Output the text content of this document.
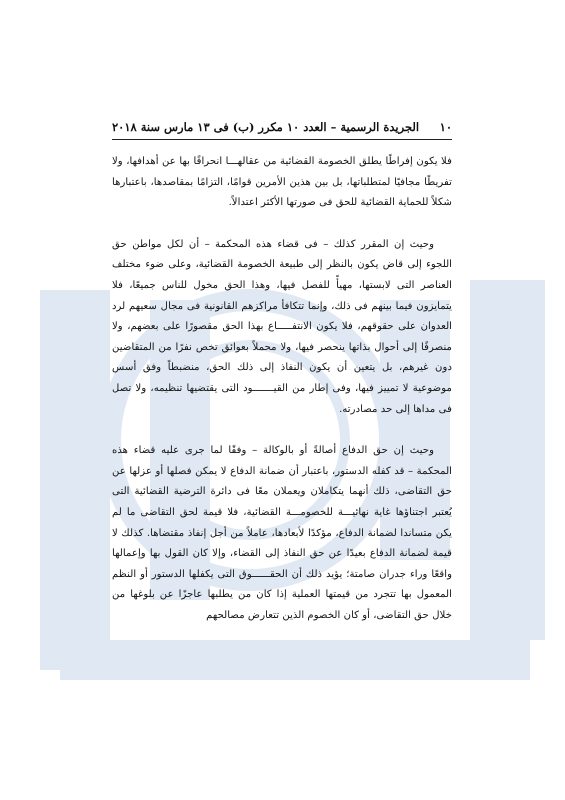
١٠
الجريدة الرسمية – العدد ١٠ مكرر (ب) فى ١٣ مارس سنة ٢٠١٨

فلا يكون إفراطًا يطلق الخصومة القضائية من عقالهـــا انحرافًا بها عن أهدافها، ولا تفريطًا مجافيًا لمتطلباتها، بل بين هذين الأمرين قوامًا، التزامًا بمقاصدها، باعتبارها شكلاً للحماية القضائية للحق فى صورتها الأكثر اعتدالاً.

وحيث إن المقرر كذلك – فى قضاء هذه المحكمة – أن لكل مواطن حق اللجوء إلى قاض يكون بالنظر إلى طبيعة الخصومة القضائية، وعلى ضوء مختلف العناصر التى لابستها، مهيأً للفصل فيها، وهذا الحق مخول للناس جميعًا، فلا يتمايزون فيما بينهم فى ذلك، وإنما تتكافأ مراكزهم القانونية فى مجال سعيهم لرد العدوان على حقوقهم، فلا يكون الانتفـــــاع بهذا الحق مقصورًا على بعضهم، ولا منصرفًا إلى أحوال بذاتها ينحصر فيها، ولا محملاً بعوائق تخص نفرًا من المتقاضين دون غيرهم، بل يتعين أن يكون النفاذ إلى ذلك الحق، منضبطاً وفق أسس موضوعية لا تمييز فيها، وفى إطار من القيـــــــود التى يقتضيها تنظيمه، ولا تصل فى مداها إلى حد مصادرته.

وحيث إن حق الدفاع أصالةً أو بالوكالة – وفقًا لما جرى عليه قضاء هذه المحكمة – قد كفله الدستور، باعتبار أن ضمانة الدفاع لا يمكن فصلها أو عزلها عن حق التقاضى، ذلك أنهما يتكاملان ويعملان معًا فى دائرة الترضية القضائية التى يُعتبر اجتناؤها غاية نهائيـــة للخصومـــة القضائية، فلا قيمة لحق التقاضى ما لم يكن متساندا لضمانة الدفاع، مؤكدًا لأبعادها، عاملاً من أجل إنفاذ مقتضاها. كذلك لا قيمة لضمانة الدفاع بعيدًا عن حق النفاذ إلى القضاء، وإلا كان القول بها وإعمالها واقعًا وراء جدران صامتة؛ يؤيد ذلك أن الحقــــــوق التى يكفلها الدستور أو النظم المعمول بها تتجرد من قيمتها العملية إذا كان من يطلبها عاجزًا عن بلوغها من خلال حق التقاضى، أو كان الخصوم الذين تتعارض مصالحهم
